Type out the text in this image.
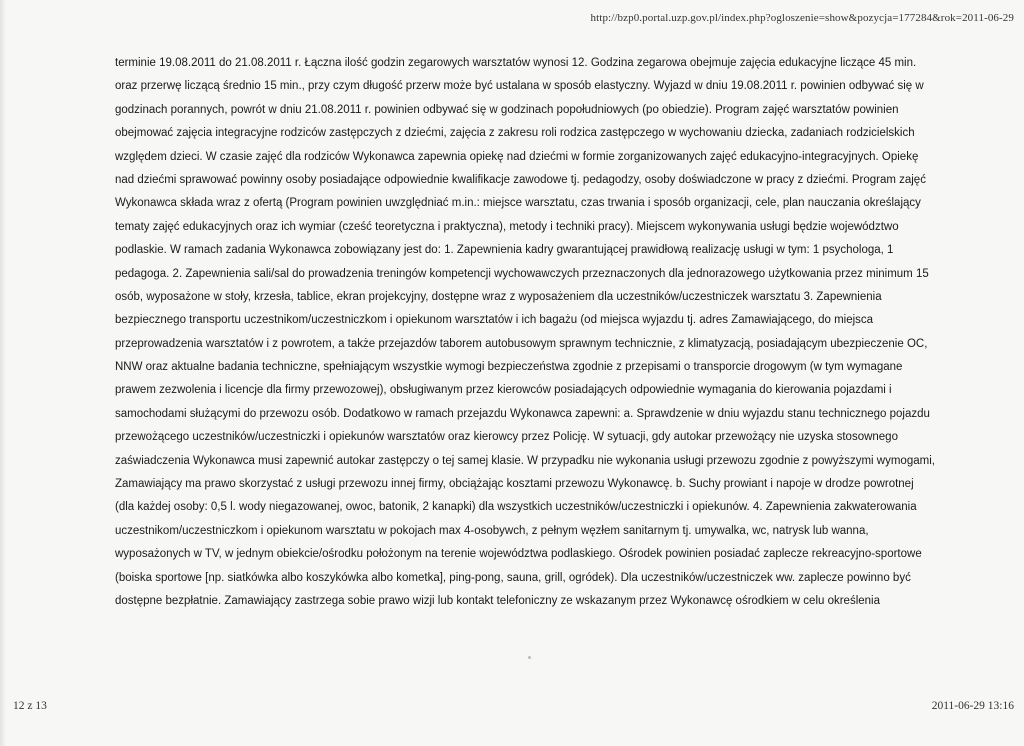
http://bzp0.portal.uzp.gov.pl/index.php?ogloszenie=show&pozycja=177284&rok=2011-06-29
terminie 19.08.2011 do 21.08.2011 r. Łączna ilość godzin zegarowych warsztatów wynosi 12. Godzina zegarowa obejmuje zajęcia edukacyjne liczące 45 min.
oraz przerwę liczącą średnio 15 min., przy czym długość przerw może być ustalana w sposób elastyczny. Wyjazd w dniu 19.08.2011 r. powinien odbywać się w
godzinach porannych, powrót w dniu 21.08.2011 r. powinien odbywać się w godzinach popołudniowych (po obiedzie). Program zajęć warsztatów powinien
obejmować zajęcia integracyjne rodziców zastępczych z dziećmi, zajęcia z zakresu roli rodzica zastępczego w wychowaniu dziecka, zadaniach rodzicielskich
względem dzieci. W czasie zajęć dla rodziców Wykonawca zapewnia opiekę nad dziećmi w formie zorganizowanych zajęć edukacyjno-integracyjnych. Opiekę
nad dziećmi sprawować powinny osoby posiadające odpowiednie kwalifikacje zawodowe tj. pedagodzy, osoby doświadczone w pracy z dziećmi. Program zajęć
Wykonawca składa wraz z ofertą (Program powinien uwzględniać m.in.: miejsce warsztatu, czas trwania i sposób organizacji, cele, plan nauczania określający
tematy zajęć edukacyjnych oraz ich wymiar (cześć teoretyczna i praktyczna), metody i techniki pracy). Miejscem wykonywania usługi będzie województwo
podlaskie. W ramach zadania Wykonawca zobowiązany jest do: 1. Zapewnienia kadry gwarantującej prawidłową realizację usługi w tym: 1 psychologa, 1
pedagoga. 2. Zapewnienia sali/sal do prowadzenia treningów kompetencji wychowawczych przeznaczonych dla jednorazowego użytkowania przez minimum 15
osób, wyposażone w stoły, krzesła, tablice, ekran projekcyjny, dostępne wraz z wyposażeniem dla uczestników/uczestniczek warsztatu 3. Zapewnienia
bezpiecznego transportu uczestnikom/uczestniczkom i opiekunom warsztatów i ich bagażu (od miejsca wyjazdu tj. adres Zamawiającego, do miejsca
przeprowadzenia warsztatów i z powrotem, a także przejazdów taborem autobusowym sprawnym technicznie, z klimatyzacją, posiadającym ubezpieczenie OC,
NNW oraz aktualne badania techniczne, spełniającym wszystkie wymogi bezpieczeństwa zgodnie z przepisami o transporcie drogowym (w tym wymagane
prawem zezwolenia i licencje dla firmy przewozowej), obsługiwanym przez kierowców posiadających odpowiednie wymagania do kierowania pojazdami i
samochodami służącymi do przewozu osób. Dodatkowo w ramach przejazdu Wykonawca zapewni: a. Sprawdzenie w dniu wyjazdu stanu technicznego pojazdu
przewożącego uczestników/uczestniczki i opiekunów warsztatów oraz kierowcy przez Policję. W sytuacji, gdy autokar przewożący nie uzyska stosownego
zaświadczenia Wykonawca musi zapewnić autokar zastępczy o tej samej klasie. W przypadku nie wykonania usługi przewozu zgodnie z powyższymi wymogami,
Zamawiający ma prawo skorzystać z usługi przewozu innej firmy, obciążając kosztami przewozu Wykonawcę. b. Suchy prowiant i napoje w drodze powrotnej
(dla każdej osoby: 0,5 l. wody niegazowanej, owoc, batonik, 2 kanapki) dla wszystkich uczestników/uczestniczki i opiekunów. 4. Zapewnienia zakwaterowania
uczestnikom/uczestniczkom i opiekunom warsztatu w pokojach max 4-osobywch, z pełnym węzłem sanitarnym tj. umywalka, wc, natrysk lub wanna,
wyposażonych w TV, w jednym obiekcie/ośrodku położonym na terenie województwa podlaskiego. Ośrodek powinien posiadać zaplecze rekreacyjno-sportowe
(boiska sportowe [np. siatkówka albo koszykówka albo kometka], ping-pong, sauna, grill, ogródek). Dla uczestników/uczestniczek ww. zaplecze powinno być
dostępne bezpłatnie. Zamawiający zastrzega sobie prawo wizji lub kontakt telefoniczny ze wskazanym przez Wykonawcę ośrodkiem w celu określenia
12 z 13	2011-06-29 13:16
